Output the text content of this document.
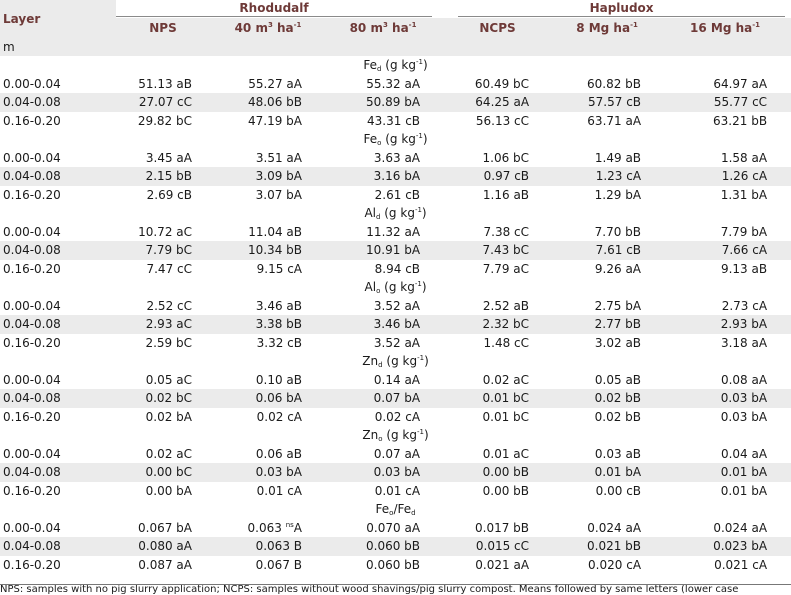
Layer	Rhodudalf			Hapludox		

	NPS	40 $m^3$ $ha^{-1}$	80 $m^3$ $ha^{-1}$	NCPS	8 Mg $ha^{-1}$	16 Mg $ha^{-1}$
m						
$Fe_d$ (g $kg^{-1}$)						
0.00-0.04	51.13 aB	55.27 aA	55.32 aA	60.49 bC	60.82 bB	64.97 aA
0.04-0.08	27.07 cC	48.06 bB	50.89 bA	64.25 aA	57.57 cB	55.77 cC
0.16-0.20	29.82 bC	47.19 bA	43.31 cB	56.13 cC	63.71 aA	63.21 bB
$Fe_o$ (g $kg^{-1}$)						
0.00-0.04	3.45 aA	3.51 aA	3.63 aA	1.06 bC	1.49 aB	1.58 aA
0.04-0.08	2.15 bB	3.09 bA	3.16 bA	0.97 cB	1.23 cA	1.26 cA
0.16-0.20	2.69 cB	3.07 bA	2.61 cB	1.16 aB	1.29 bA	1.31 bA
$Al_d$ (g $kg^{-1}$)						
0.00-0.04	10.72 aC	11.04 aB	11.32 aA	7.38 cC	7.70 bB	7.79 bA
0.04-0.08	7.79 bC	10.34 bB	10.91 bA	7.43 bC	7.61 cB	7.66 cA
0.16-0.20	7.47 cC	9.15 cA	8.94 cB	7.79 aC	9.26 aA	9.13 aB
$Al_o$ (g $kg^{-1}$)						
0.00-0.04	2.52 cC	3.46 aB	3.52 aA	2.52 aB	2.75 bA	2.73 cA
0.04-0.08	2.93 aC	3.38 bB	3.46 bA	2.32 bC	2.77 bB	2.93 bA
0.16-0.20	2.59 bC	3.32 cB	3.52 aA	1.48 cC	3.02 aB	3.18 aA
$Zn_d$ (g $kg^{-1}$)						
0.00-0.04	0.05 aC	0.10 aB	0.14 aA	0.02 aC	0.05 aB	0.08 aA
0.04-0.08	0.02 bC	0.06 bA	0.07 bA	0.01 bC	0.02 bB	0.03 bA
0.16-0.20	0.02 bA	0.02 cA	0.02 cA	0.01 bC	0.02 bB	0.03 bA
$Zn_o$ (g $kg^{-1}$)						
0.00-0.04	0.02 aC	0.06 aB	0.07 aA	0.01 aC	0.03 aB	0.04 aA
0.04-0.08	0.00 bC	0.03 bA	0.03 bA	0.00 bB	0.01 bA	0.01 bA
0.16-0.20	0.00 bA	0.01 cA	0.01 cA	0.00 bB	0.00 cB	0.01 bA
$Fe_o/Fe_d$
0.00-0.04	0.067 bA	0.063 $^{ns}$A	0.070 aA	0.017 bB	0.024 aA	0.024 aA
0.04-0.08	0.080 aA	0.063 B	0.060 bB	0.015 cC	0.021 bB	0.023 bA
0.16-0.20	0.087 aA	0.067 B	0.060 bB	0.021 aA	0.020 cA	0.021 cA
NPS: samples with no pig slurry application; NCPS: samples without wood shavings/pig slurry compost. Means followed by same letters (lower case
